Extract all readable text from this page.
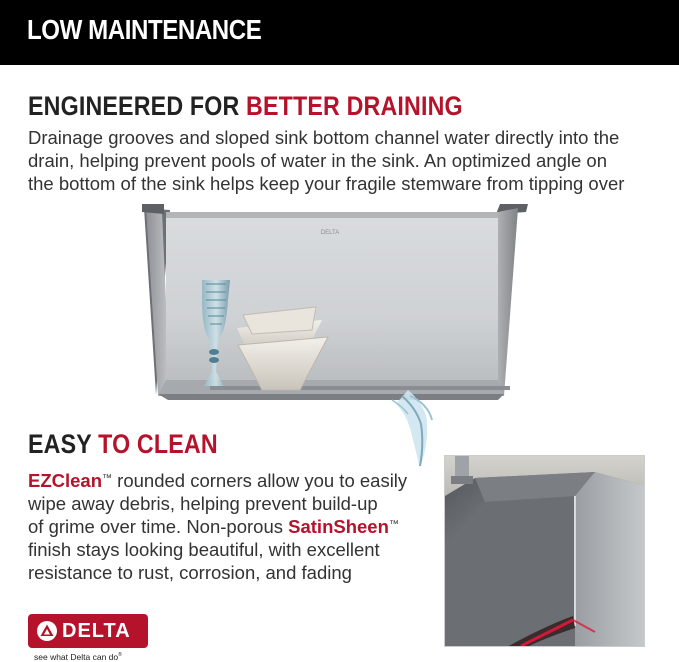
LOW MAINTENANCE
ENGINEERED FOR BETTER DRAINING
Drainage grooves and sloped sink bottom channel water directly into the
drain, helping prevent pools of water in the sink. An optimized angle on
the bottom of the sink helps keep your fragile stemware from tipping over
DELTA
EASY TO CLEAN
EZClean™ rounded corners allow you to easily
wipe away debris, helping prevent build-up
of grime over time. Non-porous SatinSheen™
finish stays looking beautiful, with excellent
resistance to rust, corrosion, and fading
DELTA
see what Delta can do®
